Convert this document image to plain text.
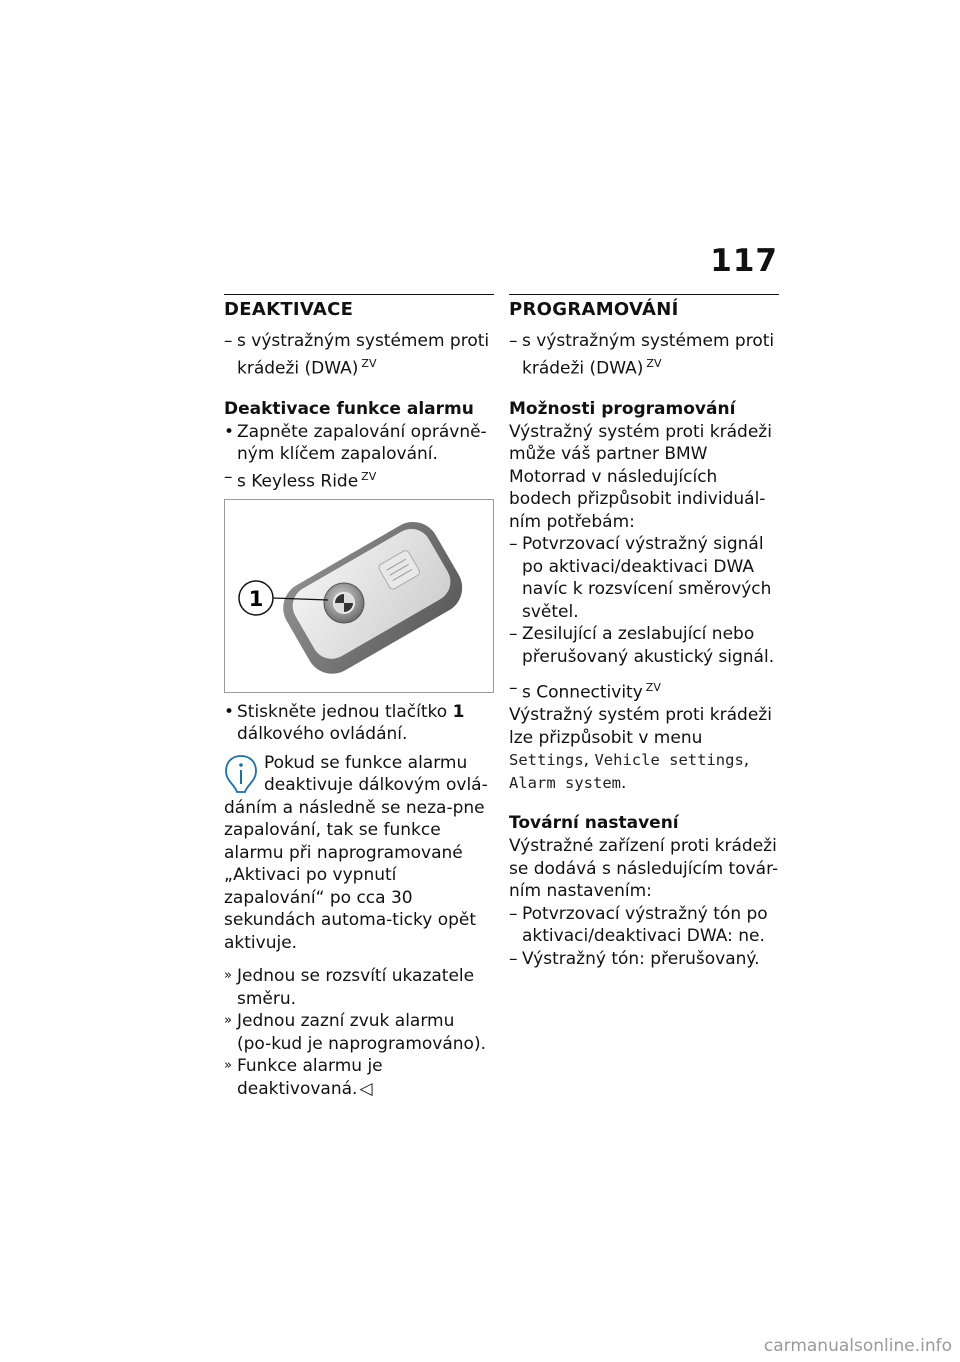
117
DEAKTIVACE
– s výstražným systémem proti krádeži (DWA) $^{ZV}$
Deaktivace funkce alarmu
• Zapněte zapalování oprávně-ným klíčem zapalování.
– s Keyless Ride $^{ZV}$
1
• Stiskněte jednou tlačítko 1
dálkového ovládání.
Pokud se funkce alarmu deaktivuje dálkovým ovlá-dáním a následně se neza-pne zapalování, tak se funkce alarmu při naprogramované „Aktivaci po vypnutí zapalování“ po cca 30 sekundách automa-ticky opět aktivuje.
» Jednou se rozsvítí ukazatele směru.
» Jednou zazní zvuk alarmu (po-kud je naprogramováno).
» Funkce alarmu je deaktivovaná. ◁
PROGRAMOVÁNÍ
– s výstražným systémem proti krádeži (DWA) $^{ZV}$
Možnosti programování

Výstražný systém proti krádeži může váš partner BMW Motorrad v následujících bodech přizpůsobit individuál-ním potřebám:

– Potvrzovací výstražný signál po aktivaci/deaktivaci DWA navíc k rozsvícení směrových světel.
– Zesilující a zeslabující nebo přerušovaný akustický signál.
– s Connectivity $^{ZV}$

Výstražný systém proti krádeži lze přizpůsobit v menu Settings, Vehicle settings, Alarm system.

Tovární nastavení

Výstražné zařízení proti krádeži se dodává s následujícím továr-ním nastavením:

– Potvrzovací výstražný tón po aktivaci/deaktivaci DWA: ne.
– Výstražný tón: přerušovaný.
carmanualsonline.info
